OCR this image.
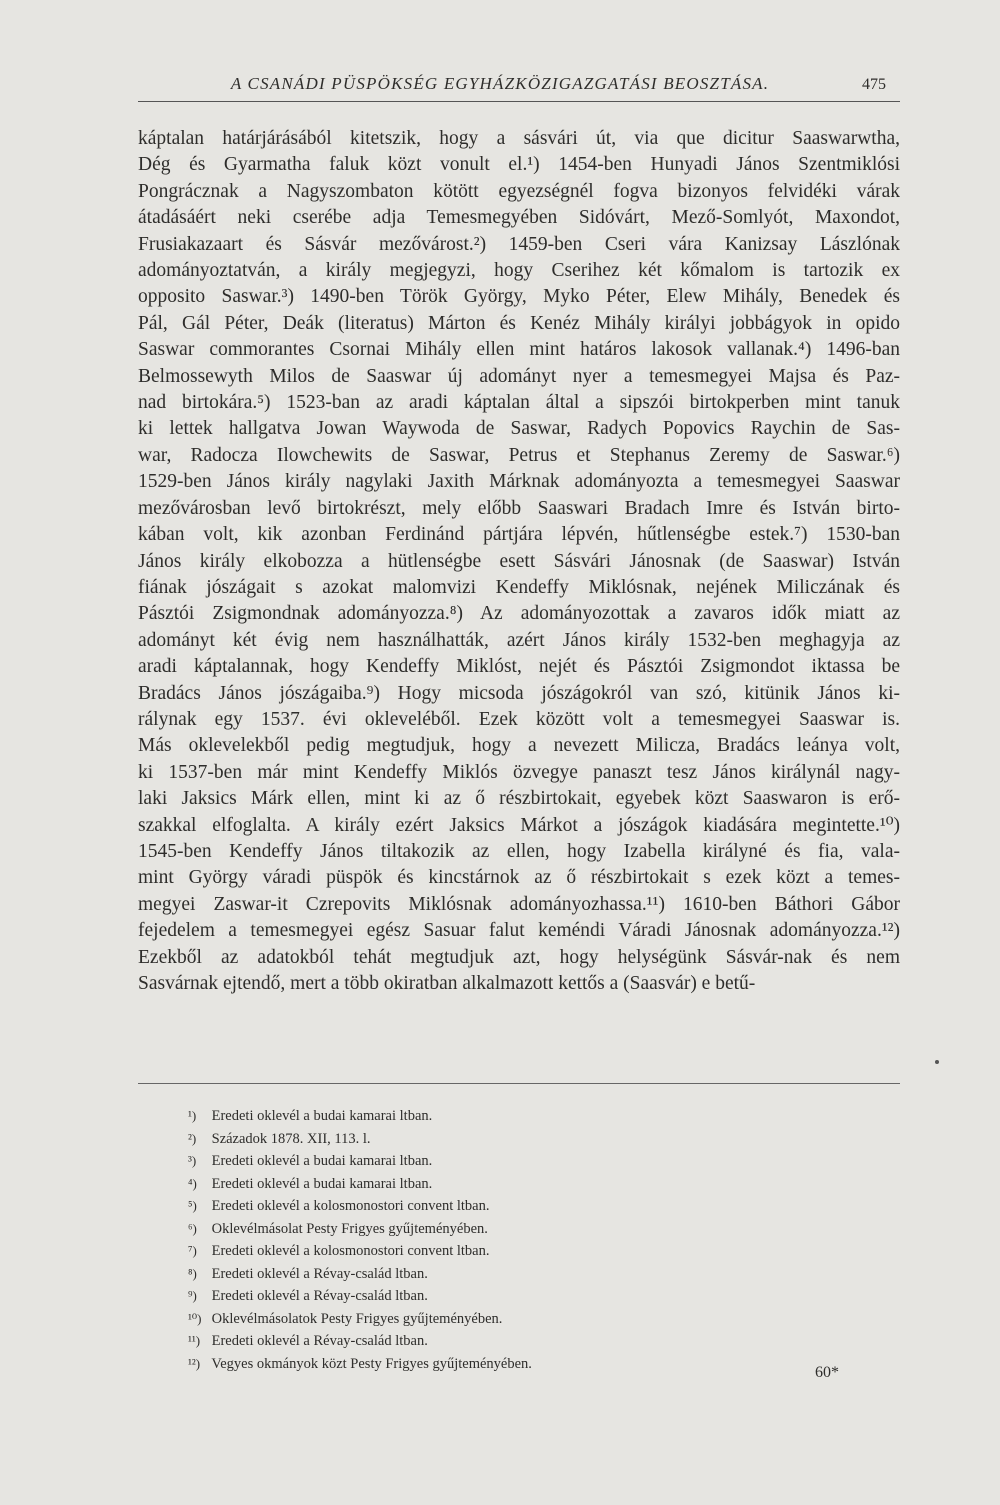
A CSANÁDI PÜSPÖKSÉG EGYHÁZKÖZIGAZGATÁSI BEOSZTÁSA.	475
káptalan határjárásából kitetszik, hogy a sásvári út, via que dicitur Saaswarwtha,
Dég és Gyarmatha faluk közt vonult el.¹) 1454-ben Hunyadi János Szentmiklósi
Pongrácznak a Nagyszombaton kötött egyezségnél fogva bizonyos felvidéki várak
átadásáért neki cserébe adja Temesmegyében Sidóvárt, Mező-Somlyót, Maxondot,
Frusiakazaart és Sásvár mezővárost.²) 1459-ben Cseri vára Kanizsay Lászlónak
adományoztatván, a király megjegyzi, hogy Cserihez két kőmalom is tartozik ex
opposito Saswar.³) 1490-ben Török György, Myko Péter, Elew Mihály, Benedek és
Pál, Gál Péter, Deák (literatus) Márton és Kenéz Mihály királyi jobbágyok in opido
Saswar commorantes Csornai Mihály ellen mint határos lakosok vallanak.⁴) 1496-ban
Belmossewyth Milos de Saaswar új adományt nyer a temesmegyei Majsa és Paz-
nad birtokára.⁵) 1523-ban az aradi káptalan által a sipszói birtokperben mint tanuk
ki lettek hallgatva Jowan Waywoda de Saswar, Radych Popovics Raychin de Sas-
war, Radocza Ilowchewits de Saswar, Petrus et Stephanus Zeremy de Saswar.⁶)
1529-ben János király nagylaki Jaxith Márknak adományozta a temesmegyei Saaswar
mezővárosban levő birtokrészt, mely előbb Saaswari Bradach Imre és István birto-
kában volt, kik azonban Ferdinánd pártjára lépvén, hűtlenségbe estek.⁷) 1530-ban
János király elkobozza a hütlenségbe esett Sásvári Jánosnak (de Saaswar) István
fiának jószágait s azokat malomvizi Kendeffy Miklósnak, nejének Miliczának és
Pásztói Zsigmondnak adományozza.⁸) Az adományozottak a zavaros idők miatt az
adományt két évig nem használhatták, azért János király 1532-ben meghagyja az
aradi káptalannak, hogy Kendeffy Miklóst, nejét és Pásztói Zsigmondot iktassa be
Bradács János jószágaiba.⁹) Hogy micsoda jószágokról van szó, kitünik János ki-
rálynak egy 1537. évi okleveléből. Ezek között volt a temesmegyei Saaswar is.
Más oklevelekből pedig megtudjuk, hogy a nevezett Milicza, Bradács leánya volt,
ki 1537-ben már mint Kendeffy Miklós özvegye panaszt tesz János királynál nagy-
laki Jaksics Márk ellen, mint ki az ő részbirtokait, egyebek közt Saaswaron is erő-
szakkal elfoglalta. A király ezért Jaksics Márkot a jószágok kiadására megintette.¹⁰)
1545-ben Kendeffy János tiltakozik az ellen, hogy Izabella királyné és fia, vala-
mint György váradi püspök és kincstárnok az ő részbirtokait s ezek közt a temes-
megyei Zaswar-it Czrepovits Miklósnak adományozhassa.¹¹) 1610-ben Báthori Gábor
fejedelem a temesmegyei egész Sasuar falut keméndi Váradi Jánosnak adományozza.¹²)
Ezekből az adatokból tehát megtudjuk azt, hogy helységünk Sásvár-nak és nem
Sasvárnak ejtendő, mert a több okiratban alkalmazott kettős a (Saasvár) e betű-
¹) Eredeti oklevél a budai kamarai ltban.
²) Századok 1878. XII, 113. l.
³) Eredeti oklevél a budai kamarai ltban.
⁴) Eredeti oklevél a budai kamarai ltban.
⁵) Eredeti oklevél a kolosmonostori convent ltban.
⁶) Oklevélmásolat Pesty Frigyes gyűjteményében.
⁷) Eredeti oklevél a kolosmonostori convent ltban.
⁸) Eredeti oklevél a Révay-család ltban.
⁹) Eredeti oklevél a Révay-család ltban.
¹⁰) Oklevélmásolatok Pesty Frigyes gyűjteményében.
¹¹) Eredeti oklevél a Révay-család ltban.
¹²) Vegyes okmányok közt Pesty Frigyes gyűjteményében.
60*
